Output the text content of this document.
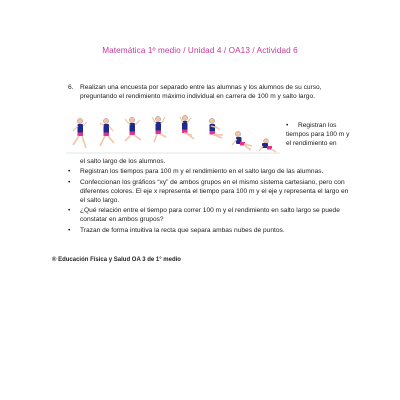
Matemática 1º medio / Unidad 4 / OA13 / Actividad 6
6. Realizan una encuesta por separado entre las alumnas y los alumnos de su curso, preguntando el rendimiento máximo individual en carrera de 100 m y salto largo.
•	Registran los tiempos para 100 m y el rendimiento en
el salto largo de los alumnos.
• Registran los tiempos para 100 m y el rendimiento en el salto largo de las alumnas.
• Confeccionan los gráficos “xy” de ambos grupos en el mismo sistema cartesiano, pero con diferentes colores. El eje x representa el tiempo para 100 m y el eje y representa el largo en el salto largo.
• ¿Qué relación entre el tiempo para correr 100 m y el rendimiento en salto largo se puede constatar en ambos grupos?
• Trazan de forma intuitiva la recta que separa ambas nubes de puntos.
® Educación Física y Salud OA 3 de 1° medio
